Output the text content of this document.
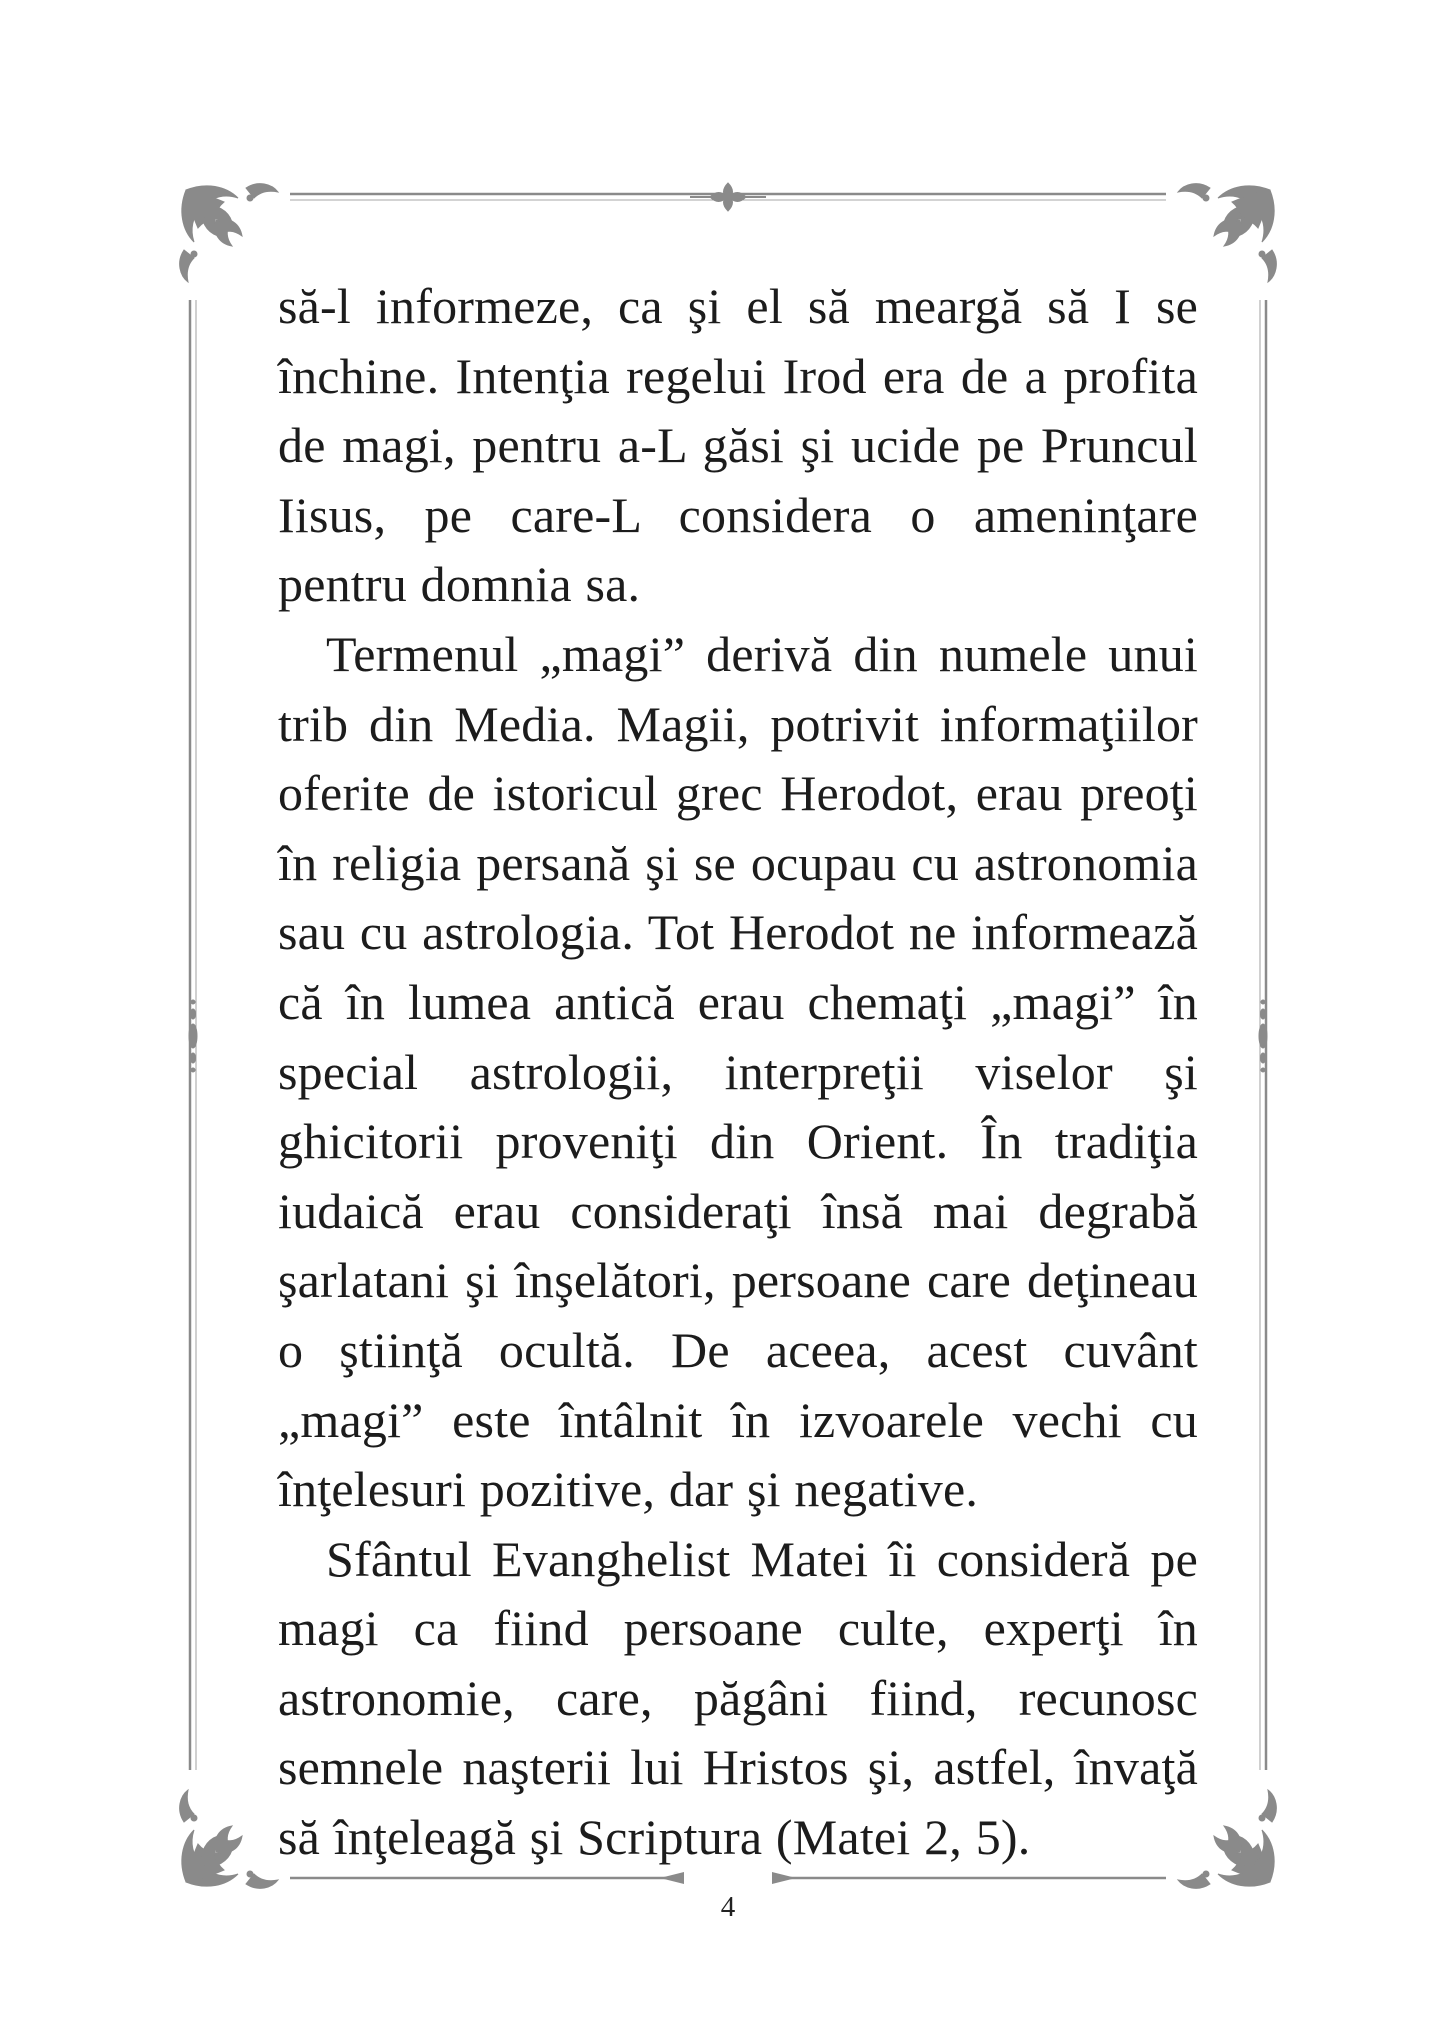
să-l informeze, ca şi el să meargă să I se închine. Intenţia regelui Irod era de a profita de magi, pentru a-L găsi şi ucide pe Pruncul Iisus, pe care-L considera o ameninţare pentru domnia sa.

Termenul „magi” derivă din numele unui trib din Media. Magii, potrivit informaţiilor oferite de istoricul grec Herodot, erau preoţi în religia persană şi se ocupau cu astronomia sau cu astrologia. Tot Herodot ne informează că în lumea antică erau chemaţi „magi” în special astrologii, interpreţii viselor şi ghicitorii proveniţi din Orient. În tradiţia iudaică erau consideraţi însă mai degrabă şarlatani şi înşelători, persoane care deţineau o ştiinţă ocultă. De aceea, acest cuvânt „magi” este întâlnit în izvoarele vechi cu înţelesuri pozitive, dar şi negative.

Sfântul Evanghelist Matei îi consideră pe magi ca fiind persoane culte, experţi în astronomie, care, păgâni fiind, recunosc semnele naşterii lui Hristos şi, astfel, învaţă să înţeleagă şi Scriptura (Matei 2, 5).

4
